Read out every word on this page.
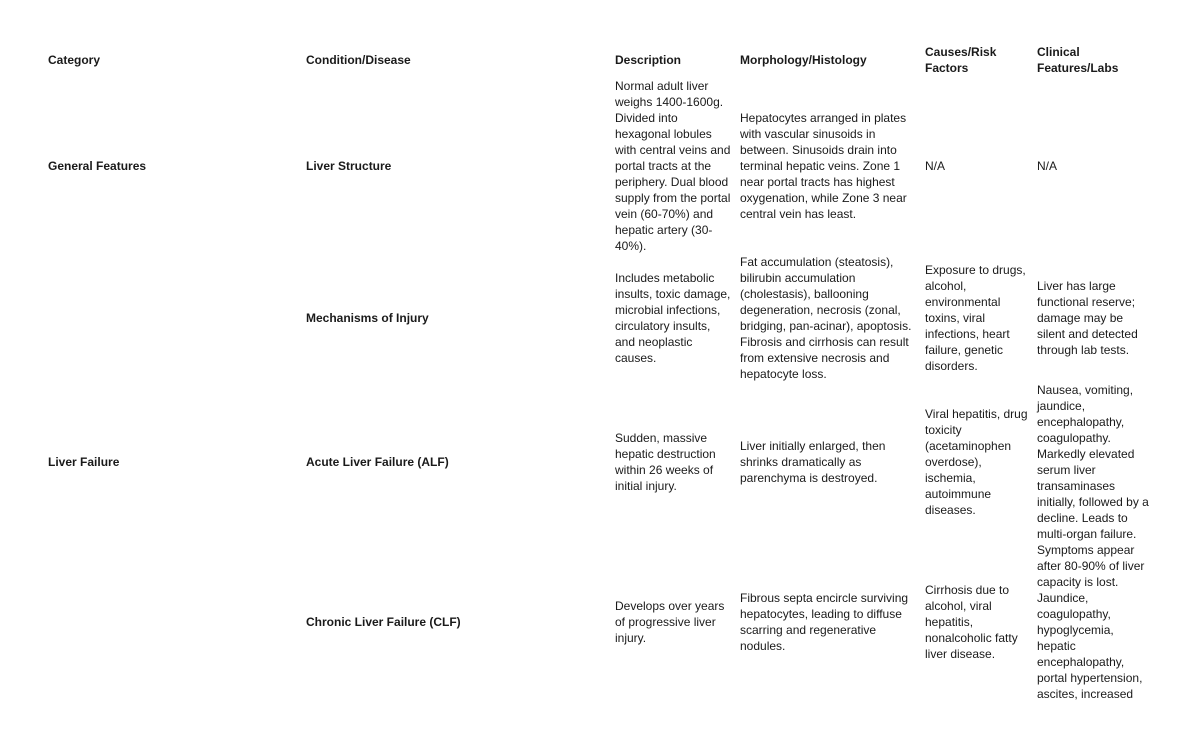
Category	Condition/Disease	Description	Morphology/Histology	Causes/Risk Factors	Clinical Features/Labs
General Features	Liver Structure	Normal adult liver weighs 1400-1600g. Divided into hexagonal lobules with central veins and portal tracts at the periphery. Dual blood supply from the portal vein (60-70%) and hepatic artery (30-40%).	Hepatocytes arranged in plates with vascular sinusoids in between. Sinusoids drain into terminal hepatic veins. Zone 1 near portal tracts has highest oxygenation, while Zone 3 near central vein has least.	N/A	N/A
	Mechanisms of Injury	Includes metabolic insults, toxic damage, microbial infections, circulatory insults, and neoplastic causes.	Fat accumulation (steatosis), bilirubin accumulation (cholestasis), ballooning degeneration, necrosis (zonal, bridging, pan-acinar), apoptosis. Fibrosis and cirrhosis can result from extensive necrosis and hepatocyte loss.	Exposure to drugs, alcohol, environmental toxins, viral infections, heart failure, genetic disorders.	Liver has large functional reserve; damage may be silent and detected through lab tests.
Liver Failure	Acute Liver Failure (ALF)	Sudden, massive hepatic destruction within 26 weeks of initial injury.	Liver initially enlarged, then shrinks dramatically as parenchyma is destroyed.	Viral hepatitis, drug toxicity (acetaminophen overdose), ischemia, autoimmune diseases.	Nausea, vomiting, jaundice, encephalopathy, coagulopathy. Markedly elevated serum liver transaminases initially, followed by a decline. Leads to multi-organ failure.
	Chronic Liver Failure (CLF)	Develops over years of progressive liver injury.	Fibrous septa encircle surviving hepatocytes, leading to diffuse scarring and regenerative nodules.	Cirrhosis due to alcohol, viral hepatitis, nonalcoholic fatty liver disease.	Symptoms appear after 80-90% of liver capacity is lost. Jaundice, coagulopathy, hypoglycemia, hepatic encephalopathy, portal hypertension, ascites, increased
